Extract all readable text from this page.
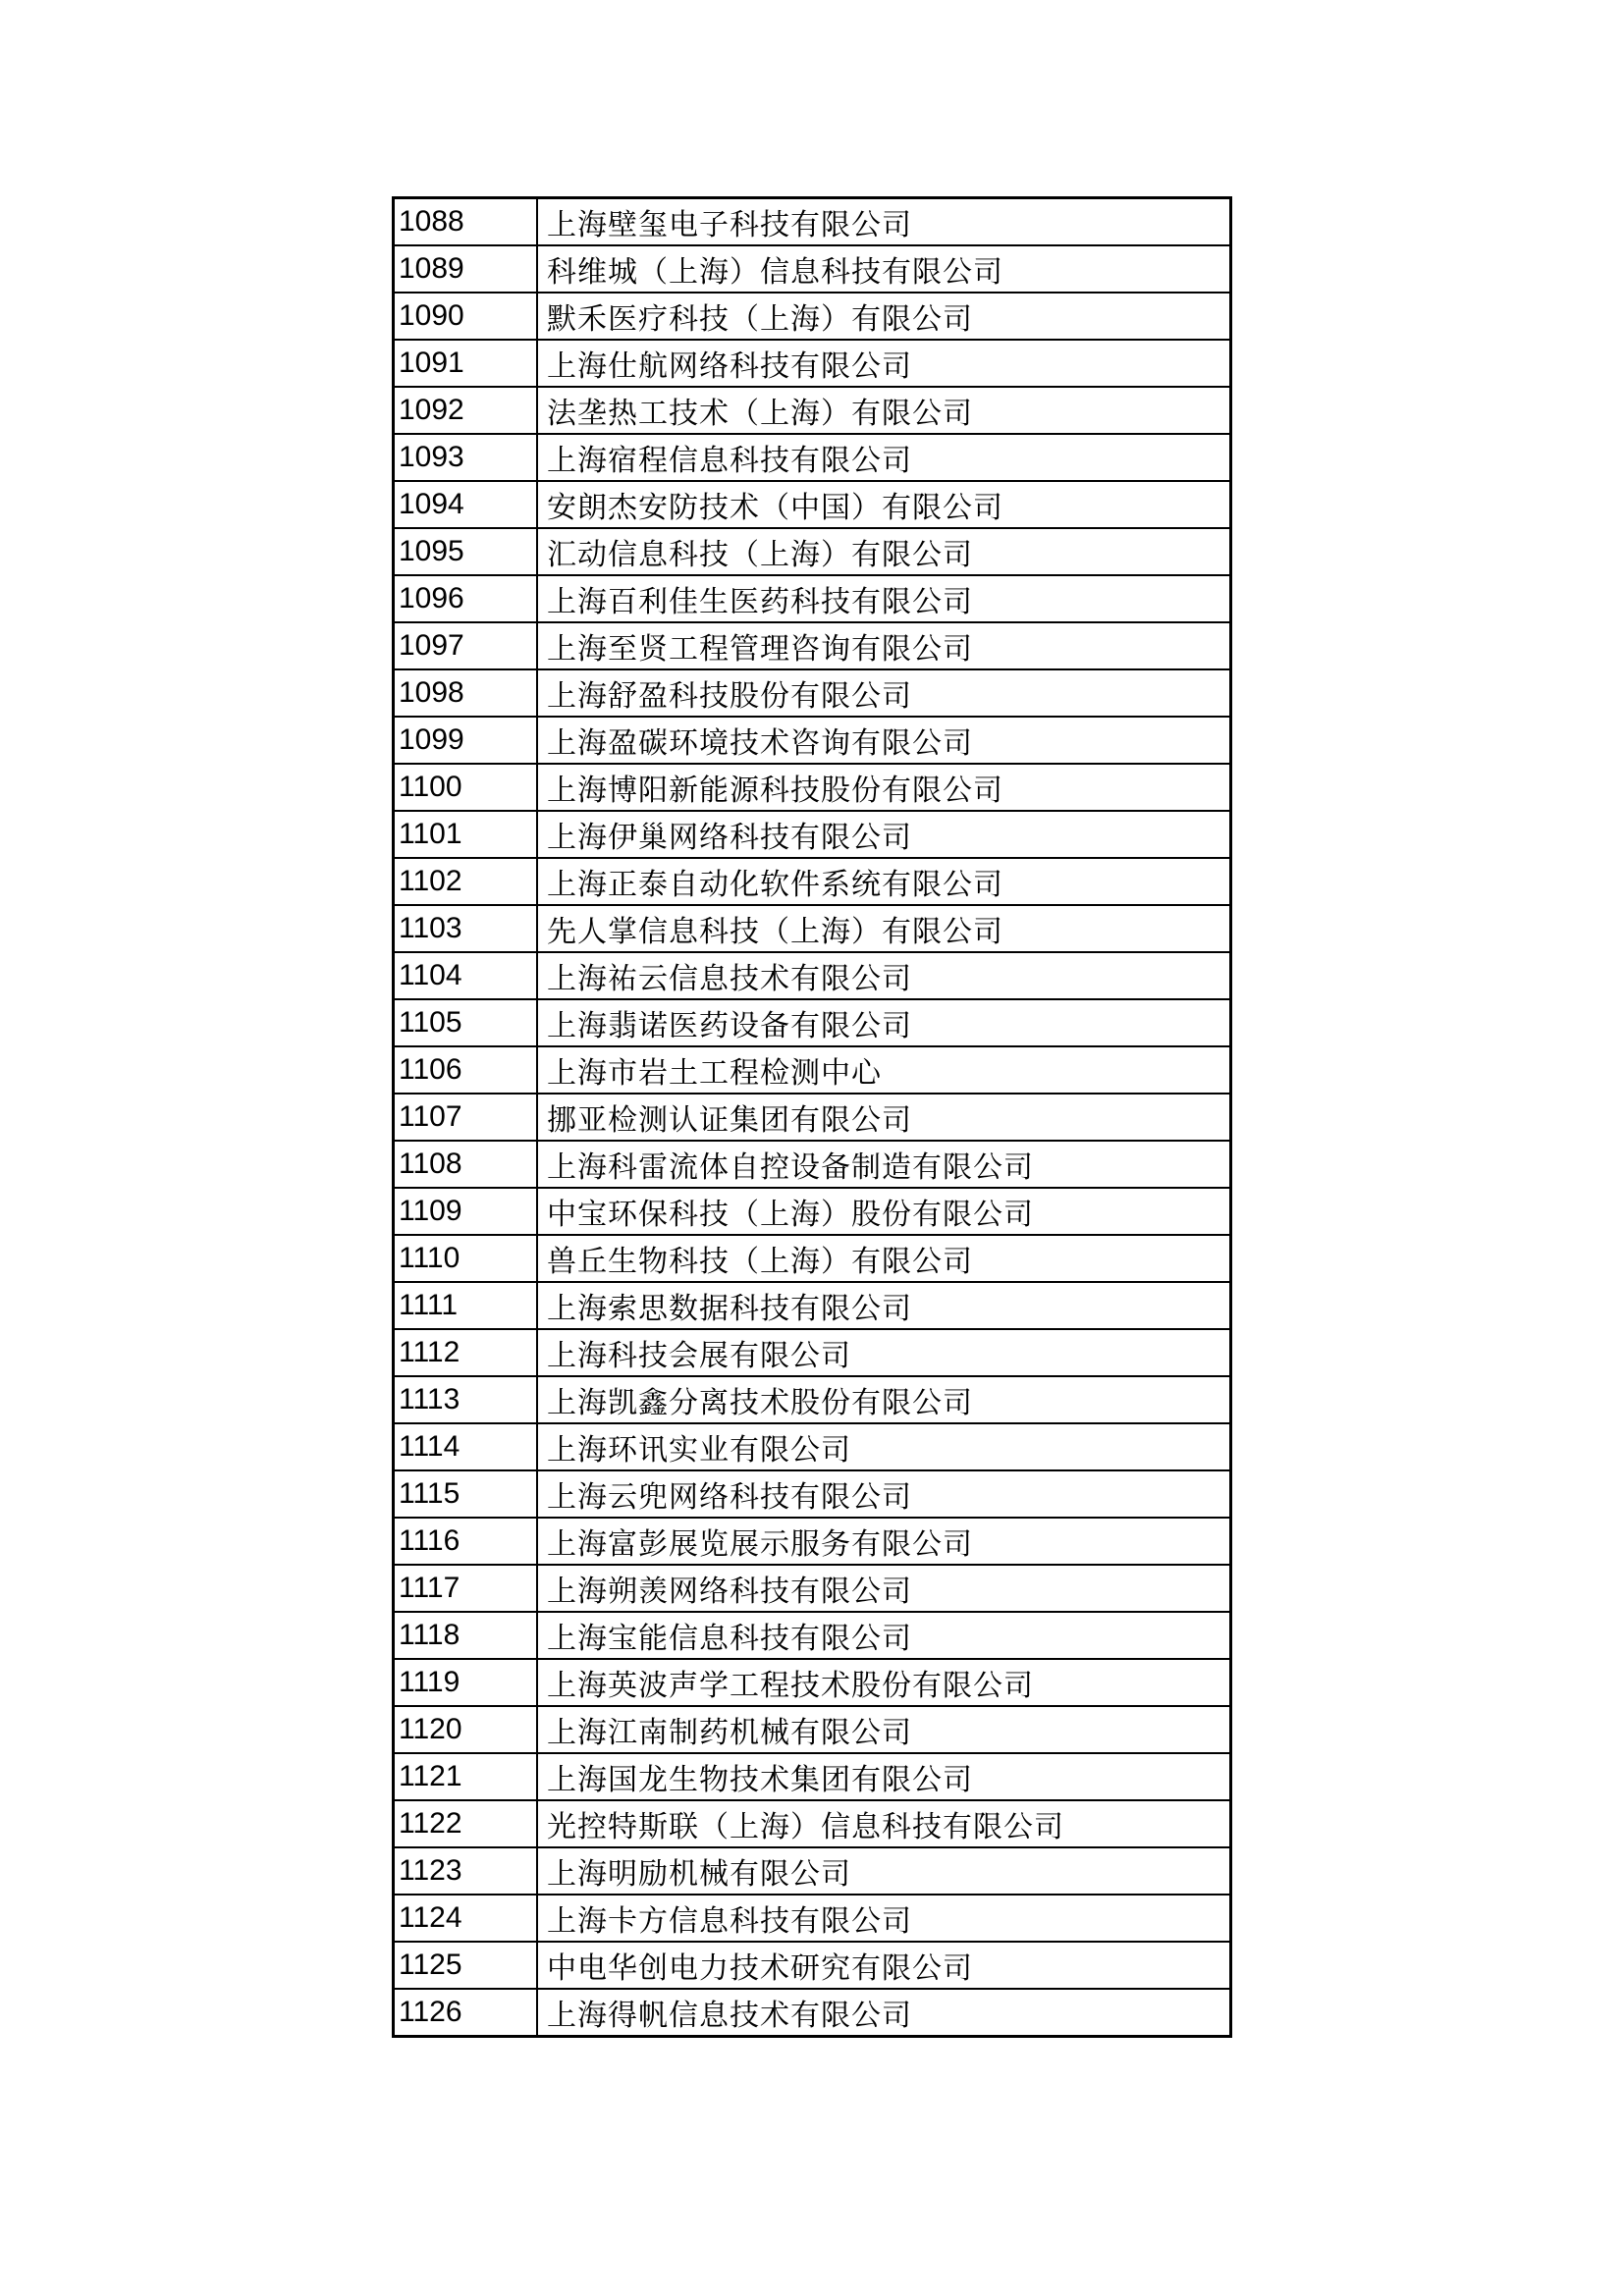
1088	上海壁玺电子科技有限公司
1089	科维城（上海）信息科技有限公司
1090	默禾医疗科技（上海）有限公司
1091	上海仕航网络科技有限公司
1092	法垄热工技术（上海）有限公司
1093	上海宿程信息科技有限公司
1094	安朗杰安防技术（中国）有限公司
1095	汇动信息科技（上海）有限公司
1096	上海百利佳生医药科技有限公司
1097	上海至贤工程管理咨询有限公司
1098	上海舒盈科技股份有限公司
1099	上海盈碳环境技术咨询有限公司
1100	上海博阳新能源科技股份有限公司
1101	上海伊巢网络科技有限公司
1102	上海正泰自动化软件系统有限公司
1103	先人掌信息科技（上海）有限公司
1104	上海祐云信息技术有限公司
1105	上海翡诺医药设备有限公司
1106	上海市岩土工程检测中心
1107	挪亚检测认证集团有限公司
1108	上海科雷流体自控设备制造有限公司
1109	中宝环保科技（上海）股份有限公司
1110	兽丘生物科技（上海）有限公司
1111	上海索思数据科技有限公司
1112	上海科技会展有限公司
1113	上海凯鑫分离技术股份有限公司
1114	上海环讯实业有限公司
1115	上海云兜网络科技有限公司
1116	上海富彭展览展示服务有限公司
1117	上海朔羡网络科技有限公司
1118	上海宝能信息科技有限公司
1119	上海英波声学工程技术股份有限公司
1120	上海江南制药机械有限公司
1121	上海国龙生物技术集团有限公司
1122	光控特斯联（上海）信息科技有限公司
1123	上海明励机械有限公司
1124	上海卡方信息科技有限公司
1125	中电华创电力技术研究有限公司
1126	上海得帆信息技术有限公司
